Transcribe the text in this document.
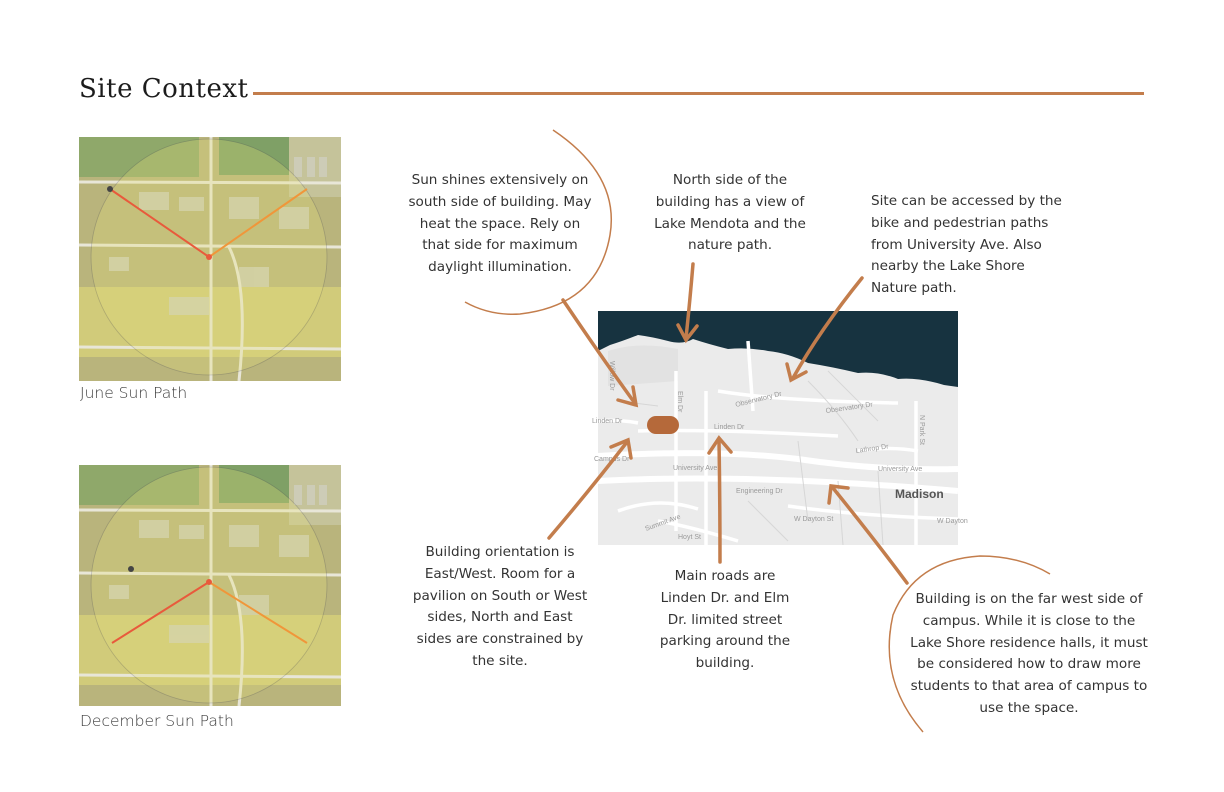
Site Context
June Sun Path
December Sun Path
University Ave	University Ave
Linden Dr
Observatory Dr	Observatory Dr
Engineering Dr
W Dayton St	W Dayton
Hoyt St
Elm Dr
N Park St
Lathrop Dr
Summit Ave
Linden Dr
Willow Dr
Campus Dr
Madison
Sun shines extensively on south side of building. May heat the space. Rely on that side for maximum daylight illumination.
North side of the building has a view of Lake Mendota and the nature path.
Site can be accessed by the bike and pedestrian paths from University Ave. Also nearby the Lake Shore Nature path.
Building orientation is East/West. Room for a pavilion on South or West sides, North and East sides are constrained by the site.
Main roads are Linden Dr. and Elm Dr. limited street parking around the building.
Building is on the far west side of campus. While it is close to the Lake Shore residence halls, it must be considered how to draw more students to that area of campus to use the space.
